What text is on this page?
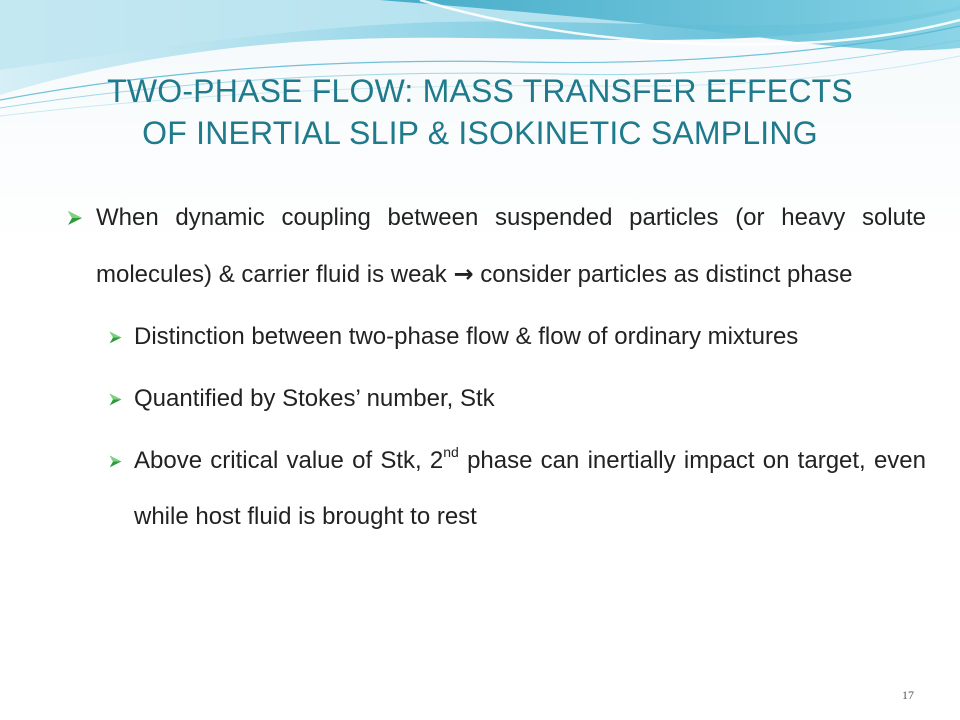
TWO-PHASE FLOW: MASS TRANSFER EFFECTS
OF INERTIAL SLIP & ISOKINETIC SAMPLING
When dynamic coupling between suspended particles (or heavy solute molecules) & carrier fluid is weak → consider particles as distinct phase
Distinction between two-phase flow & flow of ordinary mixtures
Quantified by Stokes’ number, Stk
Above critical value of Stk, 2nd phase can inertially impact on target, even while host fluid is brought to rest
17
